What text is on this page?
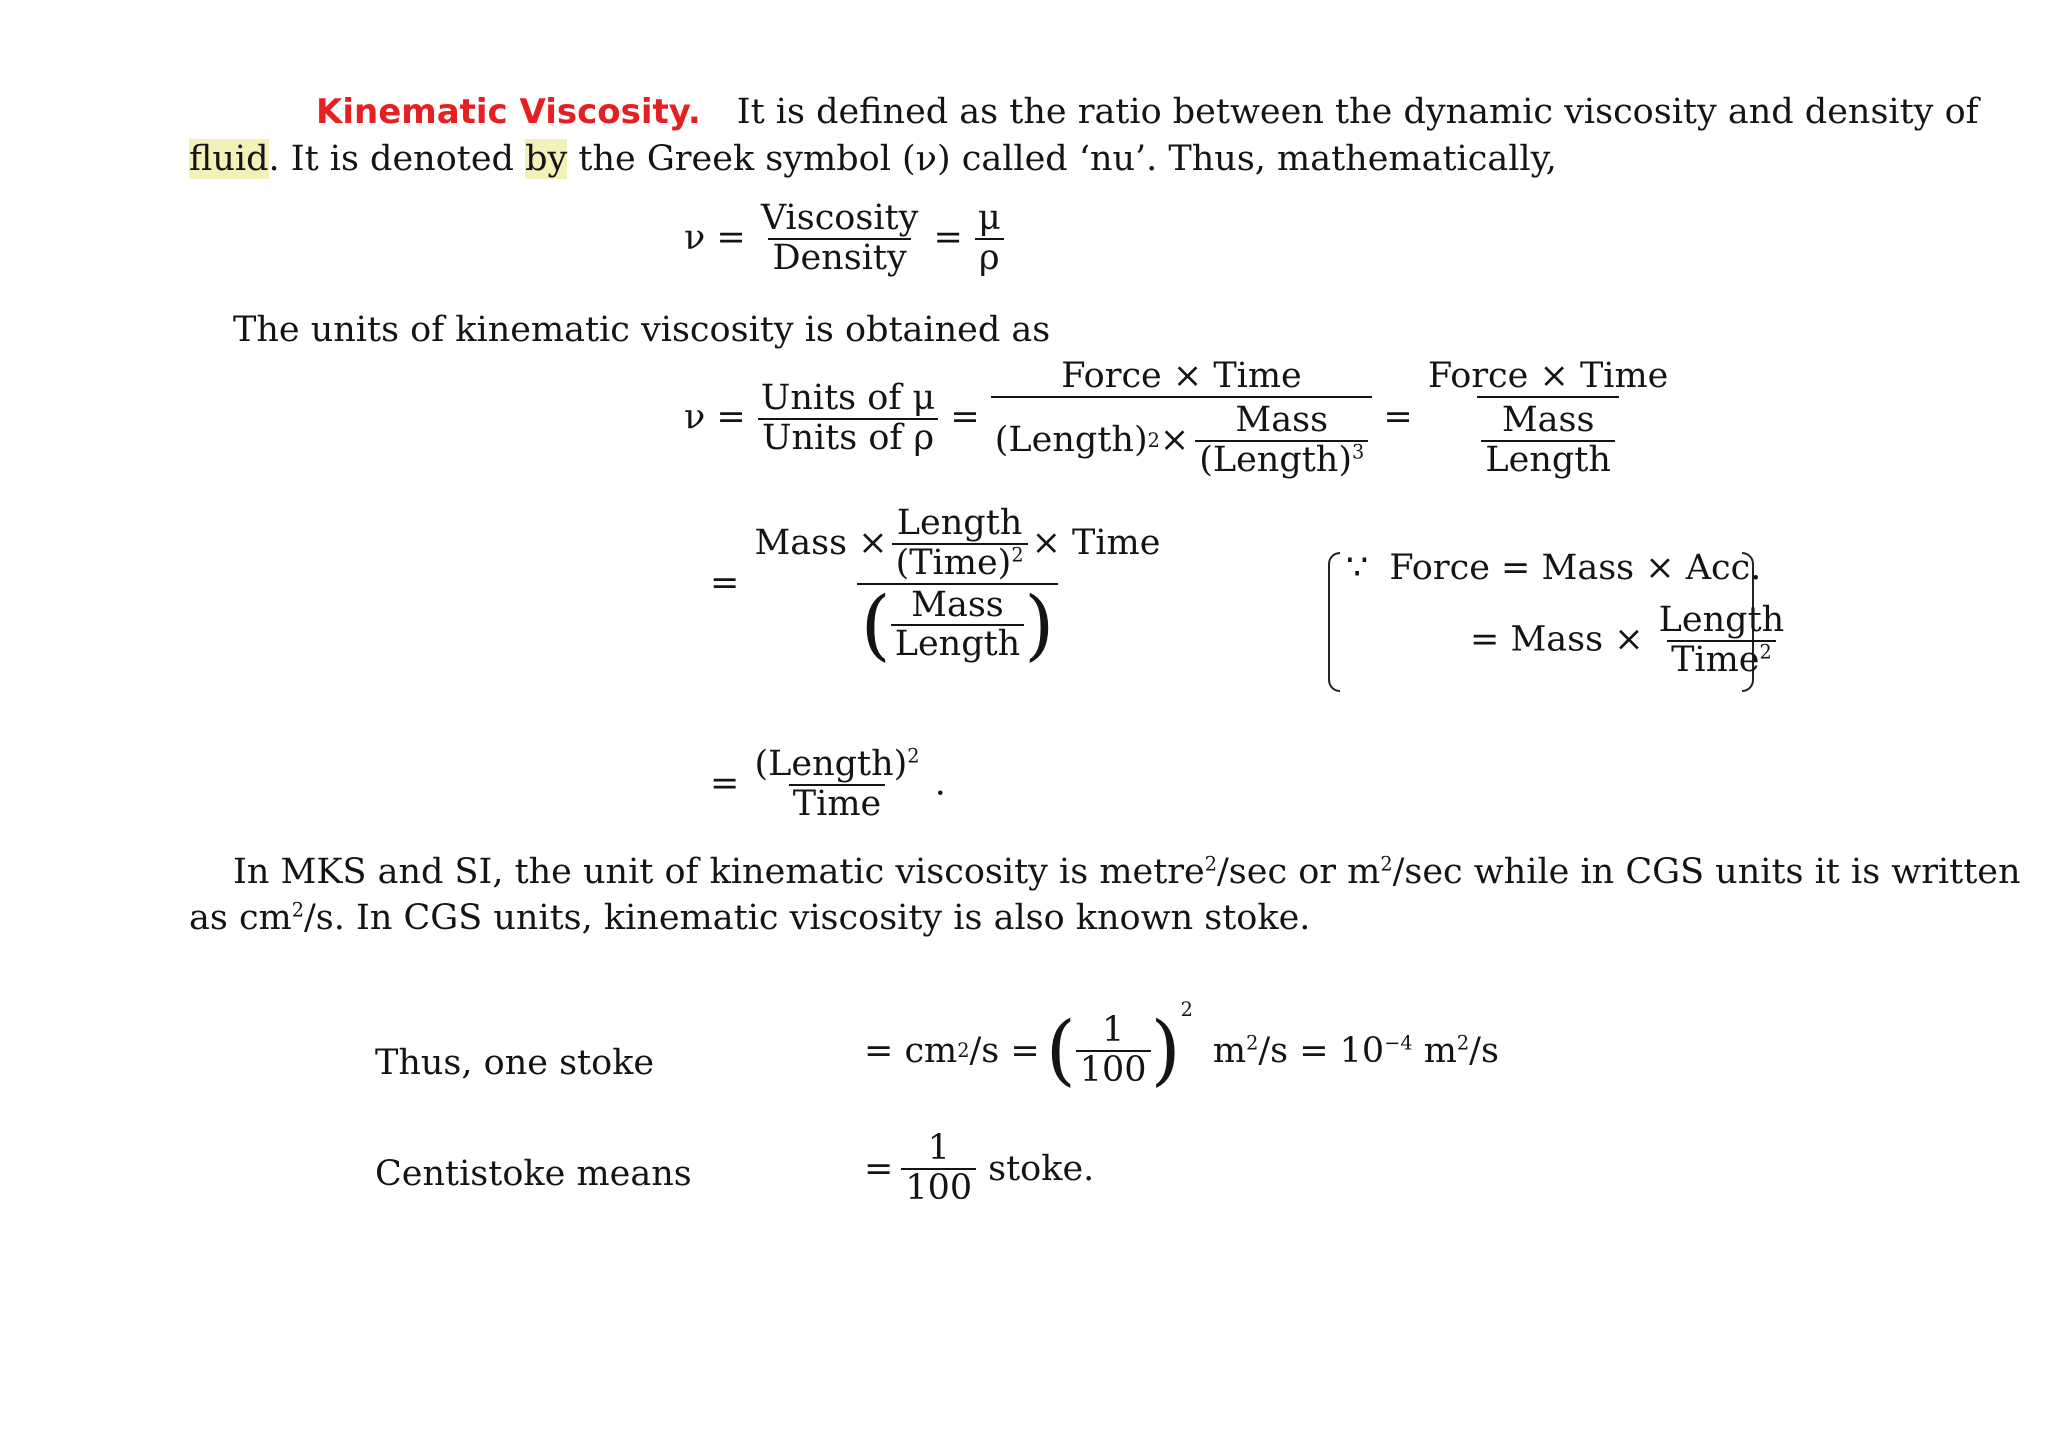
Kinematic Viscosity. It is defined as the ratio between the dynamic viscosity and density of
fluid. It is denoted by the Greek symbol (ν) called ‘nu’. Thus, mathematically,
$\nu = \frac{\text{Viscosity}}{\text{Density}} = \frac{\mu}{\rho}$
The units of kinematic viscosity is obtained as
$\nu = \frac{\text{Units of μ}}{\text{Units of ρ}} = \frac{\text{Force × Time}}{(Length) 2 \times \frac{\text{Mass}}{(Length)^3}} = \frac{\text{Force × Time}}{\frac{\text{Mass}}{\text{Length}}}$
= $\frac{Mass \times \frac{\text{Length}}{(Time)^2} \times Time}{( \frac{\text{Mass}}{\text{Length}} )}$	∵ Force = Mass × Acc.
= Mass × $\frac{\text{Length}}{Time^2}$
= $\frac{(Length)^2}{\text{Time}}$ .
In MKS and SI, the unit of kinematic viscosity is metre$^2$/sec or $m^2/\sec$ while in CGS units it is written
as $cm^2/s$. In CGS units, kinematic viscosity is also known stoke.
Thus, one stoke	= cm 2 /s = ( $\frac{1}{100}$ ) 2
$m^2/s = 10^{-4}$ $m^2/s$
Centistoke means	= $\frac{1}{100}$ stoke.
